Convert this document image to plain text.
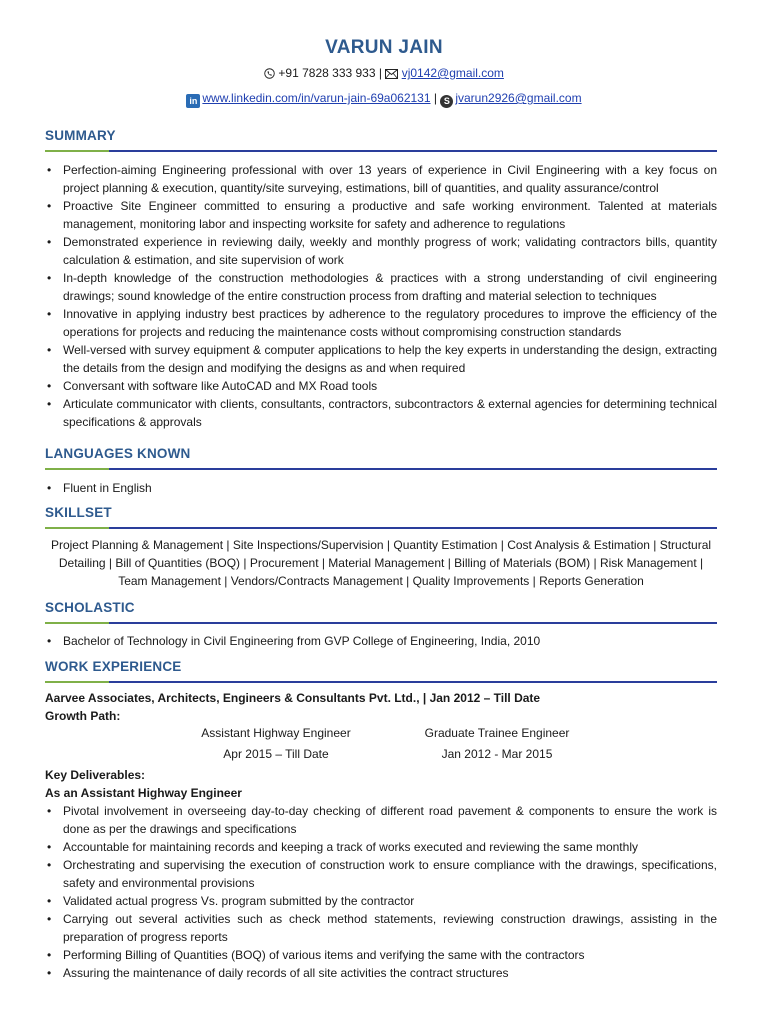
VARUN JAIN
+91 7828 333 933 | vj0142@gmail.com
in www.linkedin.com/in/varun-jain-69a062131 | S jvarun2926@gmail.com
SUMMARY
• Perfection-aiming Engineering professional with over 13 years of experience in Civil Engineering with a key focus on project planning & execution, quantity/site surveying, estimations, bill of quantities, and quality assurance/control
• Proactive Site Engineer committed to ensuring a productive and safe working environment. Talented at materials management, monitoring labor and inspecting worksite for safety and adherence to regulations
• Demonstrated experience in reviewing daily, weekly and monthly progress of work; validating contractors bills, quantity calculation & estimation, and site supervision of work
• In-depth knowledge of the construction methodologies & practices with a strong understanding of civil engineering drawings; sound knowledge of the entire construction process from drafting and material selection to techniques
• Innovative in applying industry best practices by adherence to the regulatory procedures to improve the efficiency of the operations for projects and reducing the maintenance costs without compromising construction standards
• Well-versed with survey equipment & computer applications to help the key experts in understanding the design, extracting the details from the design and modifying the designs as and when required
• Conversant with software like AutoCAD and MX Road tools
• Articulate communicator with clients, consultants, contractors, subcontractors & external agencies for determining technical specifications & approvals
LANGUAGES KNOWN
• Fluent in English
SKILLSET
Project Planning & Management | Site Inspections/Supervision | Quantity Estimation | Cost Analysis & Estimation | Structural Detailing | Bill of Quantities (BOQ) | Procurement | Material Management | Billing of Materials (BOM) | Risk Management | Team Management | Vendors/Contracts Management | Quality Improvements | Reports Generation
SCHOLASTIC
• Bachelor of Technology in Civil Engineering from GVP College of Engineering, India, 2010
WORK EXPERIENCE
Aarvee Associates, Architects, Engineers & Consultants Pvt. Ltd., | Jan 2012 – Till Date
Growth Path:
Assistant Highway Engineer
Apr 2015 – Till Date
Graduate Trainee Engineer
Jan 2012 - Mar 2015
Key Deliverables:
As an Assistant Highway Engineer
• Pivotal involvement in overseeing day-to-day checking of different road pavement & components to ensure the work is done as per the drawings and specifications
• Accountable for maintaining records and keeping a track of works executed and reviewing the same monthly
• Orchestrating and supervising the execution of construction work to ensure compliance with the drawings, specifications, safety and environmental provisions
• Validated actual progress Vs. program submitted by the contractor
• Carrying out several activities such as check method statements, reviewing construction drawings, assisting in the preparation of progress reports
• Performing Billing of Quantities (BOQ) of various items and verifying the same with the contractors
• Assuring the maintenance of daily records of all site activities the contract structures
